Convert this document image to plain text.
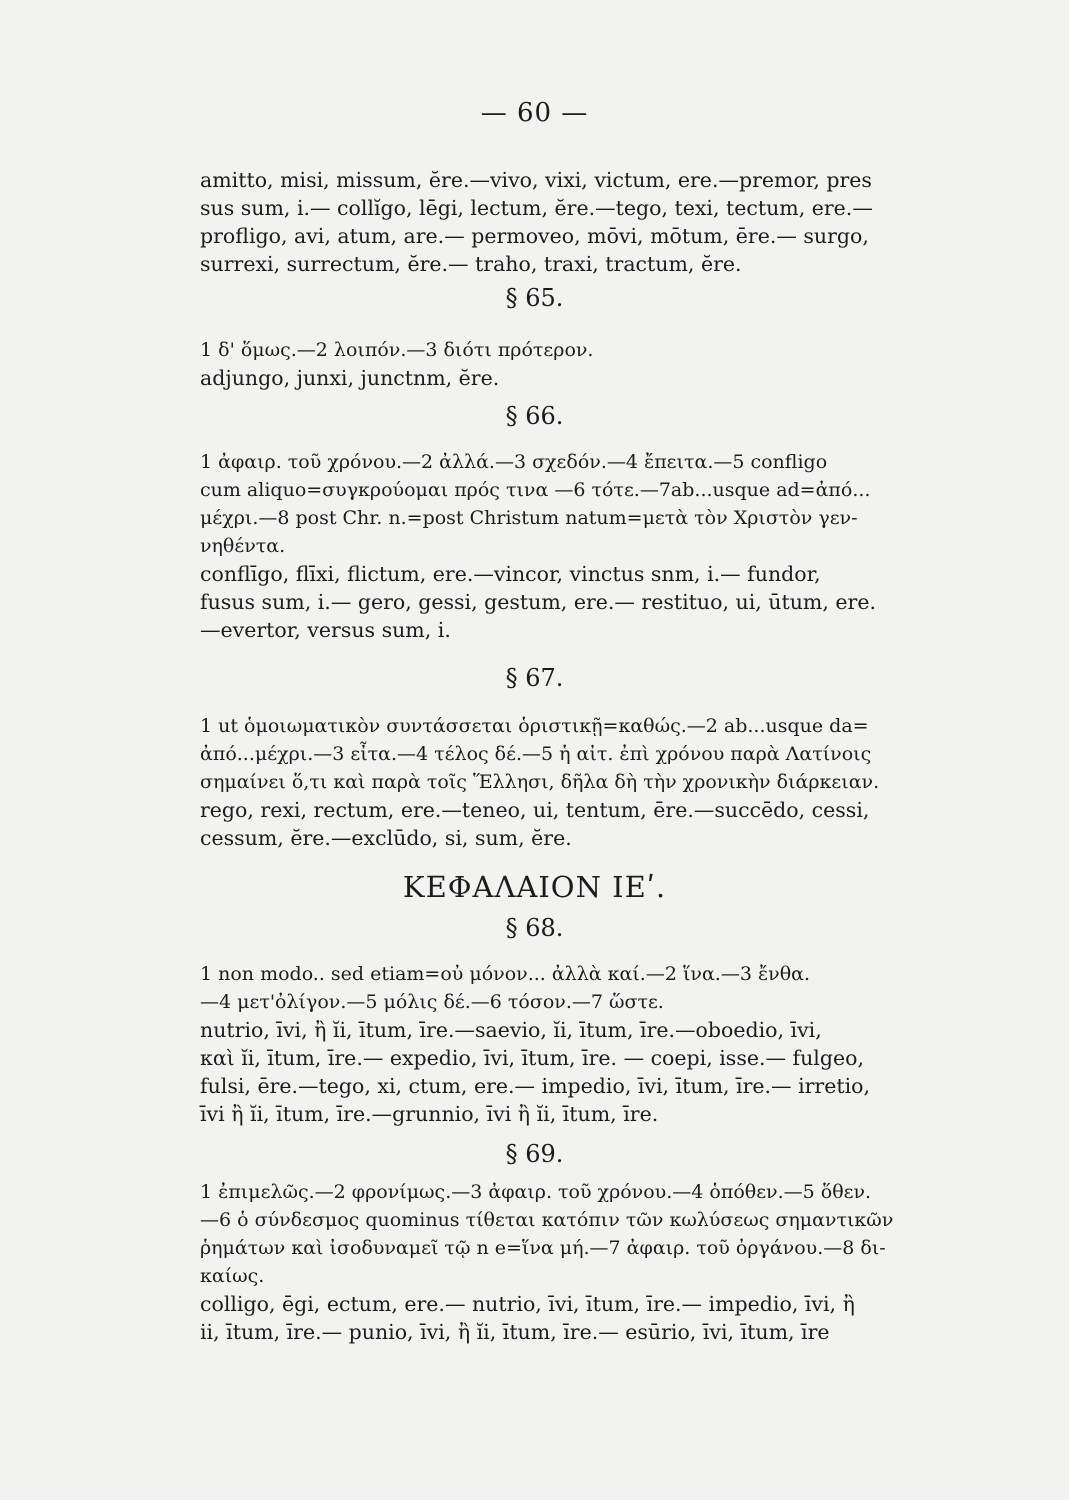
— 60 —
amitto, misi, missum, ĕre.—vivo, vixi, victum, ere.—premor, pres
sus sum, i.— collĭgo, lēgi, lectum, ĕre.—tego, texi, tectum, ere.—
profligo, avi, atum, are.— permoveo, mōvi, mōtum, ēre.— surgo,
surrexi, surrectum, ĕre.— traho, traxi, tractum, ĕre.
§ 65.
1 δ' ὅμως.—2 λοιπόν.—3 διότι πρότερον.
adjungo, junxi, junctnm, ĕre.
§ 66.
1 ἀφαιρ. τοῦ χρόνου.—2 ἀλλά.—3 σχεδόν.—4 ἔπειτα.—5 confligo
cum aliquo=συγκρούομαι πρός τινα —6 τότε.—7ab...usque ad=ἀπό...
μέχρι.—8 post Chr. n.=post Christum natum=μετὰ τὸν Χριστὸν γεν-
νηθέντα.
conflīgo, flīxi, flictum, ere.—vincor, vinctus snm, i.— fundor,
fusus sum, i.— gero, gessi, gestum, ere.— restituo, ui, ūtum, ere.
—evertor, versus sum, i.
§ 67.
1 ut ὁμοιωματικὸν συντάσσεται ὁριστικῇ=καθώς.—2 ab...usque da=
ἀπό...μέχρι.—3 εἶτα.—4 τέλος δέ.—5 ἡ αἰτ. ἐπὶ χρόνου παρὰ Λατίνοις
σημαίνει ὅ,τι καὶ παρὰ τοῖς Ἕλλησι, δῆλα δὴ τὴν χρονικὴν διάρκειαν.
rego, rexi, rectum, ere.—teneo, ui, tentum, ēre.—succēdo, cessi,
cessum, ĕre.—exclūdo, si, sum, ĕre.
ΚΕΦΑΛΑΙΟΝ ΙΕʹ.
§ 68.
1 non modo.. sed etiam=οὐ μόνον... ἀλλὰ καί.—2 ἵνα.—3 ἔνθα.
—4 μετ'ὀλίγον.—5 μόλις δέ.—6 τόσον.—7 ὥστε.
nutrio, īvi, ἢ ĭi, ītum, īre.—saevio, ĭi, ītum, īre.—oboedio, īvi,
καὶ ĭi, ītum, īre.— expedio, īvi, ītum, īre. — coepi, isse.— fulgeo,
fulsi, ēre.—tego, xi, ctum, ere.— impedio, īvi, ītum, īre.— irretio,
īvi ἢ ĭi, ītum, īre.—grunnio, īvi ἢ ĭi, ītum, īre.
§ 69.
1 ἐπιμελῶς.—2 φρονίμως.—3 ἀφαιρ. τοῦ χρόνου.—4 ὁπόθεν.—5 ὅθεν.
—6 ὁ σύνδεσμος quominus τίθεται κατόπιν τῶν κωλύσεως σημαντικῶν
ῥημάτων καὶ ἰσοδυναμεῖ τῷ n e=ἵνα μή.—7 ἀφαιρ. τοῦ ὀργάνου.—8 δι-
καίως.
colligo, ēgi, ectum, ere.— nutrio, īvi, ītum, īre.— impedio, īvi, ἢ
ii, ītum, īre.— punio, īvi, ἢ ĭi, ītum, īre.— esūrio, īvi, ītum, īre
